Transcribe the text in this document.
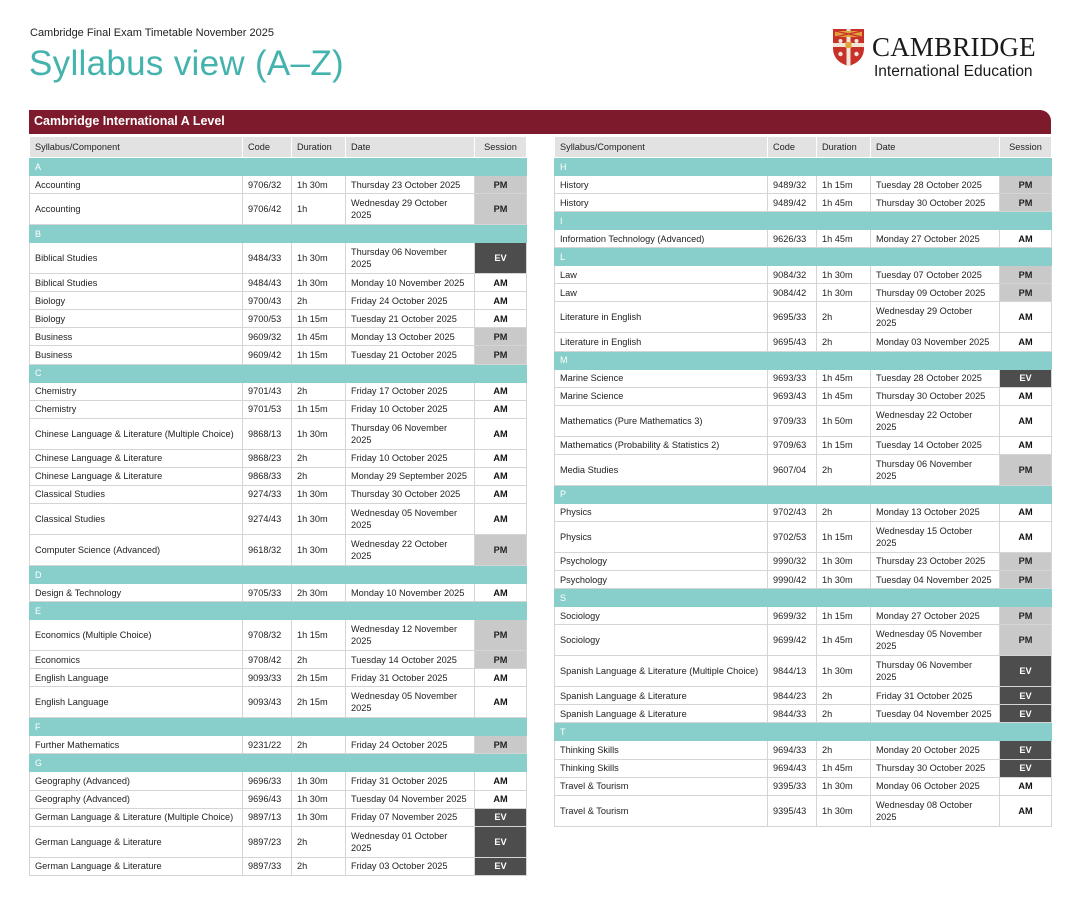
Cambridge Final Exam Timetable November 2025
Syllabus view (A–Z)	CAMBRIDGE
International Education
Cambridge International A Level
Syllabus/Component	Code	Duration	Date	Session
A				
Accounting	9706/32	1h 30m	Thursday 23 October 2025	PM
Accounting	9706/42	1h	Wednesday 29 October 2025	PM
B				
Biblical Studies	9484/33	1h 30m	Thursday 06 November 2025	EV
Biblical Studies	9484/43	1h 30m	Monday 10 November 2025	AM
Biology	9700/43	2h	Friday 24 October 2025	AM
Biology	9700/53	1h 15m	Tuesday 21 October 2025	AM
Business	9609/32	1h 45m	Monday 13 October 2025	PM
Business	9609/42	1h 15m	Tuesday 21 October 2025	PM
C				
Chemistry	9701/43	2h	Friday 17 October 2025	AM
Chemistry	9701/53	1h 15m	Friday 10 October 2025	AM
Chinese Language & Literature (Multiple Choice)	9868/13	1h 30m	Thursday 06 November 2025	AM
Chinese Language & Literature	9868/23	2h	Friday 10 October 2025	AM
Chinese Language & Literature	9868/33	2h	Monday 29 September 2025	AM
Classical Studies	9274/33	1h 30m	Thursday 30 October 2025	AM
Classical Studies	9274/43	1h 30m	Wednesday 05 November 2025	AM
Computer Science (Advanced)	9618/32	1h 30m	Wednesday 22 October 2025	PM
D				
Design & Technology	9705/33	2h 30m	Monday 10 November 2025	AM
E				
Economics (Multiple Choice)	9708/32	1h 15m	Wednesday 12 November 2025	PM
Economics	9708/42	2h	Tuesday 14 October 2025	PM
English Language	9093/33	2h 15m	Friday 31 October 2025	AM
English Language	9093/43	2h 15m	Wednesday 05 November 2025	AM
F				
Further Mathematics	9231/22	2h	Friday 24 October 2025	PM
G				
Geography (Advanced)	9696/33	1h 30m	Friday 31 October 2025	AM
Geography (Advanced)	9696/43	1h 30m	Tuesday 04 November 2025	AM
German Language & Literature (Multiple Choice)	9897/13	1h 30m	Friday 07 November 2025	EV
German Language & Literature	9897/23	2h	Wednesday 01 October 2025	EV
German Language & Literature	9897/33	2h	Friday 03 October 2025	EV
Syllabus/Component	Code	Duration	Date	Session
H				
History	9489/32	1h 15m	Tuesday 28 October 2025	PM
History	9489/42	1h 45m	Thursday 30 October 2025	PM
I				
Information Technology (Advanced)	9626/33	1h 45m	Monday 27 October 2025	AM
L				
Law	9084/32	1h 30m	Tuesday 07 October 2025	PM
Law	9084/42	1h 30m	Thursday 09 October 2025	PM
Literature in English	9695/33	2h	Wednesday 29 October 2025	AM
Literature in English	9695/43	2h	Monday 03 November 2025	AM
M				
Marine Science	9693/33	1h 45m	Tuesday 28 October 2025	EV
Marine Science	9693/43	1h 45m	Thursday 30 October 2025	AM
Mathematics (Pure Mathematics 3)	9709/33	1h 50m	Wednesday 22 October 2025	AM
Mathematics (Probability & Statistics 2)	9709/63	1h 15m	Tuesday 14 October 2025	AM
Media Studies	9607/04	2h	Thursday 06 November 2025	PM
P				
Physics	9702/43	2h	Monday 13 October 2025	AM
Physics	9702/53	1h 15m	Wednesday 15 October 2025	AM
Psychology	9990/32	1h 30m	Thursday 23 October 2025	PM
Psychology	9990/42	1h 30m	Tuesday 04 November 2025	PM
S				
Sociology	9699/32	1h 15m	Monday 27 October 2025	PM
Sociology	9699/42	1h 45m	Wednesday 05 November 2025	PM
Spanish Language & Literature (Multiple Choice)	9844/13	1h 30m	Thursday 06 November 2025	EV
Spanish Language & Literature	9844/23	2h	Friday 31 October 2025	EV
Spanish Language & Literature	9844/33	2h	Tuesday 04 November 2025	EV
T				
Thinking Skills	9694/33	2h	Monday 20 October 2025	EV
Thinking Skills	9694/43	1h 45m	Thursday 30 October 2025	EV
Travel & Tourism	9395/33	1h 30m	Monday 06 October 2025	AM
Travel & Tourism	9395/43	1h 30m	Wednesday 08 October 2025	AM
